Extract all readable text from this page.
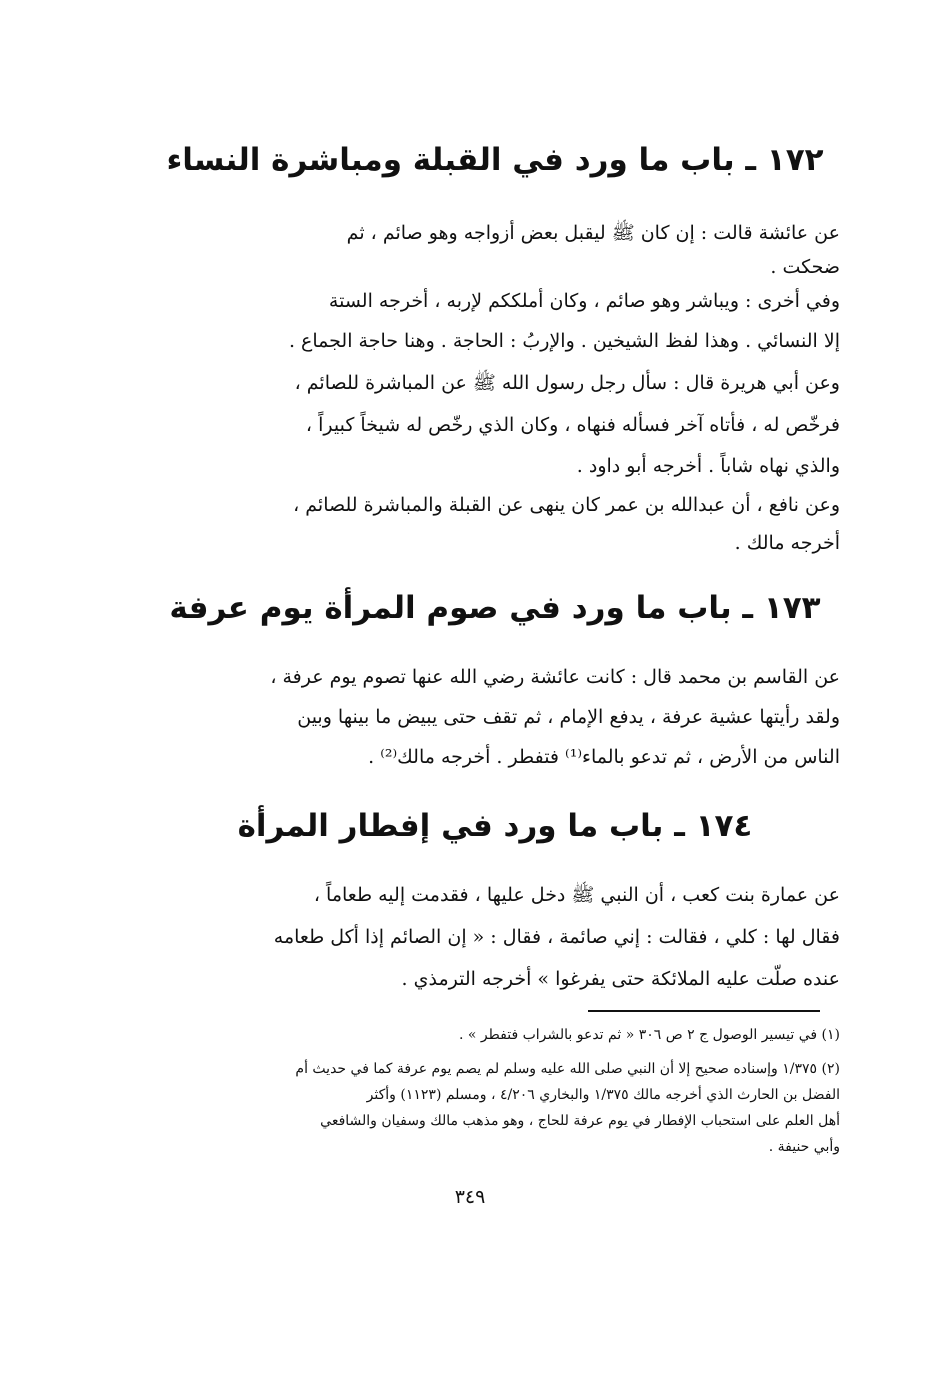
١٧٢ ـ باب ما ورد في القبلة ومباشرة النساء
عن عائشة قالت : إن كان ﷺ ليقبل بعض أزواجه وهو صائم ، ثم
ضحكت .
وفي أخرى : ويباشر وهو صائم ، وكان أملككم لإربه ، أخرجه الستة
إلا النسائي . وهذا لفظ الشيخين . والإربُ : الحاجة . وهنا حاجة الجماع .
وعن أبي هريرة قال : سأل رجل رسول الله ﷺ عن المباشرة للصائم ،
فرخّص له ، فأتاه آخر فسأله فنهاه ، وكان الذي رخّص له شيخاً كبيراً ،
والذي نهاه شاباً . أخرجه أبو داود .
وعن نافع ، أن عبدالله بن عمر كان ينهى عن القبلة والمباشرة للصائم ،
أخرجه مالك .
١٧٣ ـ باب ما ورد في صوم المرأة يوم عرفة
عن القاسم بن محمد قال : كانت عائشة رضي الله عنها تصوم يوم عرفة ،
ولقد رأيتها عشية عرفة ، يدفع الإمام ، ثم تقف حتى يبيض ما بينها وبين
الناس من الأرض ، ثم تدعو بالماء⁽¹⁾ فتفطر . أخرجه مالك⁽²⁾ .
١٧٤ ـ باب ما ورد في إفطار المرأة
عن عمارة بنت كعب ، أن النبي ﷺ دخل عليها ، فقدمت إليه طعاماً ،
فقال لها : كلي ، فقالت : إني صائمة ، فقال : « إن الصائم إذا أكل طعامه
عنده صلّت عليه الملائكة حتى يفرغوا » أخرجه الترمذي .
(١) في تيسير الوصول ج ٢ ص ٣٠٦ « ثم تدعو بالشراب فتفطر » .
(٢) ١/٣٧٥ وإسناده صحيح إلا أن النبي صلى الله عليه وسلم لم يصم يوم عرفة كما في حديث أم
الفضل بن الحارث الذي أخرجه مالك ١/٣٧٥ والبخاري ٤/٢٠٦ ، ومسلم (١١٢٣) وأكثر
أهل العلم على استحباب الإفطار في يوم عرفة للحاج ، وهو مذهب مالك وسفيان والشافعي
وأبي حنيفة .
٣٤٩
